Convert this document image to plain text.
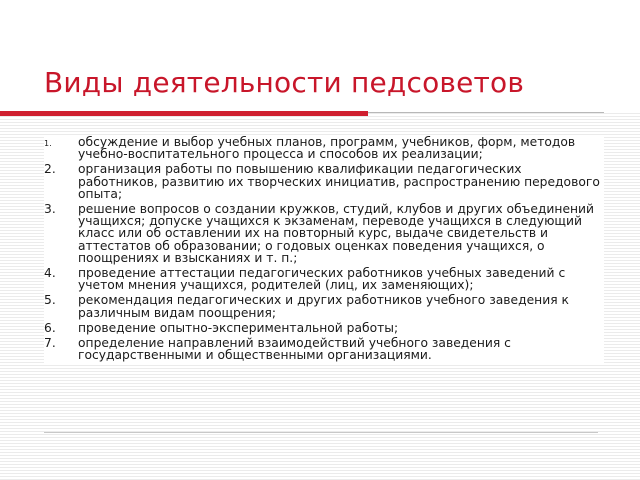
Виды деятельности педсоветов
1. обсуждение и выбор учебных планов, программ, учебников, форм, методов учебно-воспитательного процесса и способов их реализации;
2. организация работы по повышению квалификации педагогических работников, развитию их творческих инициатив, распространению передового опыта;
3. решение вопросов о создании кружков, студий, клубов и других объединений учащихся; допуске учащихся к экзаменам, переводе учащихся в следующий класс или об оставлении их на повторный курс, выдаче свидетельств и аттестатов об образовании; о годовых оценках поведения учащихся, о поощрениях и взысканиях и т. п.;
4. проведение аттестации педагогических работников учебных заведений с учетом мнения учащихся, родителей (лиц, их заменяющих);
5. рекомендация педагогических и других работников учебного заведения к различным видам поощрения;
6. проведение опытно-экспериментальной работы;
7. определение направлений взаимодействий учебного заведения с государственными и общественными организациями.
